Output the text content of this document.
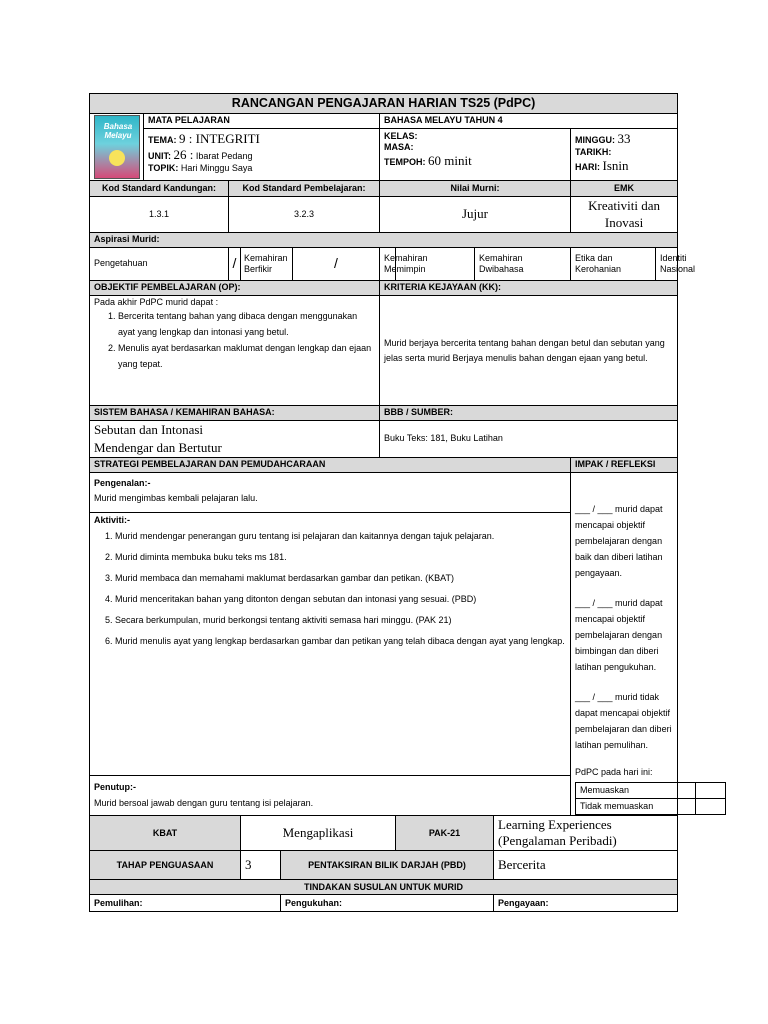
RANCANGAN PENGAJARAN HARIAN TS25 (PdPC)

Bahasa Melayu
	MATA PELAJARAN	BAHASA MELAYU TAHUN 4

TEMA: 9 : INTEGRITI
UNIT: 26 : Ibarat Pedang
TOPIK: Hari Minggu Saya

KELAS:
MASA:
TEMPOH: 60 minit

MINGGU: 33
TARIKH:
HARI: Isnin

Kod Standard Kandungan:	Kod Standard Pembelajaran:	Nilai Murni:	EMK
1.3.1	3.2.3	Jujur	Kreativiti dan Inovasi
Aspirasi Murid:
Pengetahuan	/	Kemahiran Berfikir	/	Kemahiran Memimpin		Kemahiran Dwibahasa	Etika dan Kerohanian	Identiti Nasional
OBJEKTIF PEMBELAJARAN (OP):	KRITERIA KEJAYAAN (KK):

Pada akhir PdPC murid dapat :
1. Bercerita tentang bahan yang dibaca dengan menggunakan ayat yang lengkap dan intonasi yang betul.
2. Menulis ayat berdasarkan maklumat dengan lengkap dan ejaan yang tepat.
	Murid berjaya bercerita tentang bahan dengan betul dan sebutan yang jelas serta murid Berjaya menulis bahan dengan ejaan yang betul.
SISTEM BAHASA / KEMAHIRAN BAHASA:	BBB / SUMBER:

Sebutan dan Intonasi
Mendengar dan Bertutur
	Buku Teks: 181, Buku Latihan
STRATEGI PEMBELAJARAN DAN PEMUDAHCARAAN	IMPAK / REFLEKSI

Pengenalan:-
Murid mengimbas kembali pelajaran lalu.

___ / ___ murid dapat mencapai objektif pembelajaran dengan baik dan diberi latihan pengayaan.

___ / ___ murid dapat mencapai objektif pembelajaran dengan bimbingan dan diberi latihan pengukuhan.

___ / ___ murid tidak dapat mencapai objektif pembelajaran dan diberi latihan pemulihan.

PdPC pada hari ini:
Memuaskan	
Tidak memuaskan	

Aktiviti:-
1. Murid mendengar penerangan guru tentang isi pelajaran dan kaitannya dengan tajuk pelajaran.
2. Murid diminta membuka buku teks ms 181.
3. Murid membaca dan memahami maklumat berdasarkan gambar dan petikan. (KBAT)
4. Murid menceritakan bahan yang ditonton dengan sebutan dan intonasi yang sesuai. (PBD)
5. Secara berkumpulan, murid berkongsi tentang aktiviti semasa hari minggu. (PAK 21)
6. Murid menulis ayat yang lengkap berdasarkan gambar dan petikan yang telah dibaca dengan ayat yang lengkap.

Penutup:-
Murid bersoal jawab dengan guru tentang isi pelajaran.

KBAT	Mengaplikasi	PAK-21	Learning Experiences (Pengalaman Peribadi)
TAHAP PENGUASAAN	3	PENTAKSIRAN BILIK DARJAH (PBD)	Bercerita
TINDAKAN SUSULAN UNTUK MURID
Pemulihan:	Pengukuhan:	Pengayaan:
